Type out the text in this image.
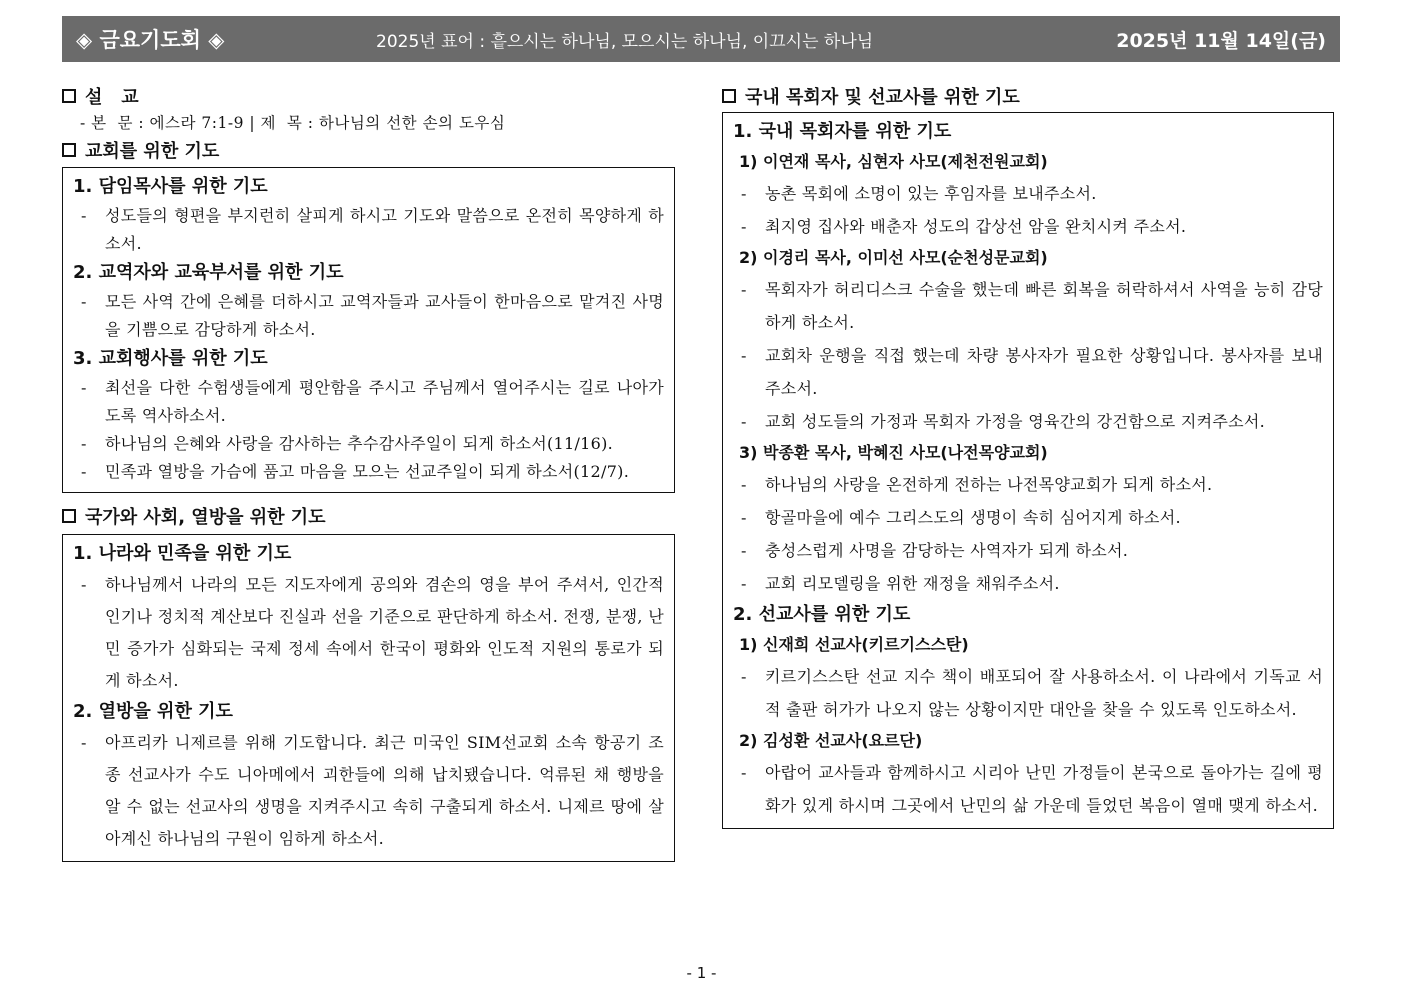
◈ 금요기도회 ◈	2025년 표어 : 흩으시는 하나님, 모으시는 하나님, 이끄시는 하나님	2025년 11월 14일(금)
설   교
- 본  문 : 에스라 7:1-9 | 제  목 : 하나님의 선한 손의 도우심
교회를 위한 기도
1. 담임목사를 위한 기도
- 성도들의 형편을 부지런히 살피게 하시고 기도와 말씀으로 온전히 목양하게 하소서.
2. 교역자와 교육부서를 위한 기도
- 모든 사역 간에 은혜를 더하시고 교역자들과 교사들이 한마음으로 맡겨진 사명을 기쁨으로 감당하게 하소서.
3. 교회행사를 위한 기도
- 최선을 다한 수험생들에게 평안함을 주시고 주님께서 열어주시는 길로 나아가도록 역사하소서.
- 하나님의 은혜와 사랑을 감사하는 추수감사주일이 되게 하소서(11/16).
- 민족과 열방을 가슴에 품고 마음을 모으는 선교주일이 되게 하소서(12/7).
국가와 사회, 열방을 위한 기도
1. 나라와 민족을 위한 기도
- 하나님께서 나라의 모든 지도자에게 공의와 겸손의 영을 부어 주셔서, 인간적 인기나 정치적 계산보다 진실과 선을 기준으로 판단하게 하소서. 전쟁, 분쟁, 난민 증가가 심화되는 국제 정세 속에서 한국이 평화와 인도적 지원의 통로가 되게 하소서.
2. 열방을 위한 기도
- 아프리카 니제르를 위해 기도합니다. 최근 미국인 SIM선교회 소속 항공기 조종 선교사가 수도 니아메에서 괴한들에 의해 납치됐습니다. 억류된 채 행방을 알 수 없는 선교사의 생명을 지켜주시고 속히 구출되게 하소서. 니제르 땅에 살아계신 하나님의 구원이 임하게 하소서.
국내 목회자 및 선교사를 위한 기도
1. 국내 목회자를 위한 기도
1) 이연재 목사, 심현자 사모(제천전원교회)
- 농촌 목회에 소명이 있는 후임자를 보내주소서.
- 최지영 집사와 배춘자 성도의 갑상선 암을 완치시켜 주소서.
2) 이경리 목사, 이미선 사모(순천성문교회)
- 목회자가 허리디스크 수술을 했는데 빠른 회복을 허락하셔서 사역을 능히 감당하게 하소서.
- 교회차 운행을 직접 했는데 차량 봉사자가 필요한 상황입니다. 봉사자를 보내주소서.
- 교회 성도들의 가정과 목회자 가정을 영육간의 강건함으로 지켜주소서.
3) 박종환 목사, 박혜진 사모(나전목양교회)
- 하나님의 사랑을 온전하게 전하는 나전목양교회가 되게 하소서.
- 항골마을에 예수 그리스도의 생명이 속히 심어지게 하소서.
- 충성스럽게 사명을 감당하는 사역자가 되게 하소서.
- 교회 리모델링을 위한 재정을 채워주소서.
2. 선교사를 위한 기도
1) 신재희 선교사(키르기스스탄)
- 키르기스스탄 선교 지수 책이 배포되어 잘 사용하소서. 이 나라에서 기독교 서적 출판 허가가 나오지 않는 상황이지만 대안을 찾을 수 있도록 인도하소서.
2) 김성환 선교사(요르단)
- 아랍어 교사들과 함께하시고 시리아 난민 가정들이 본국으로 돌아가는 길에 평화가 있게 하시며 그곳에서 난민의 삶 가운데 들었던 복음이 열매 맺게 하소서.
- 1 -
